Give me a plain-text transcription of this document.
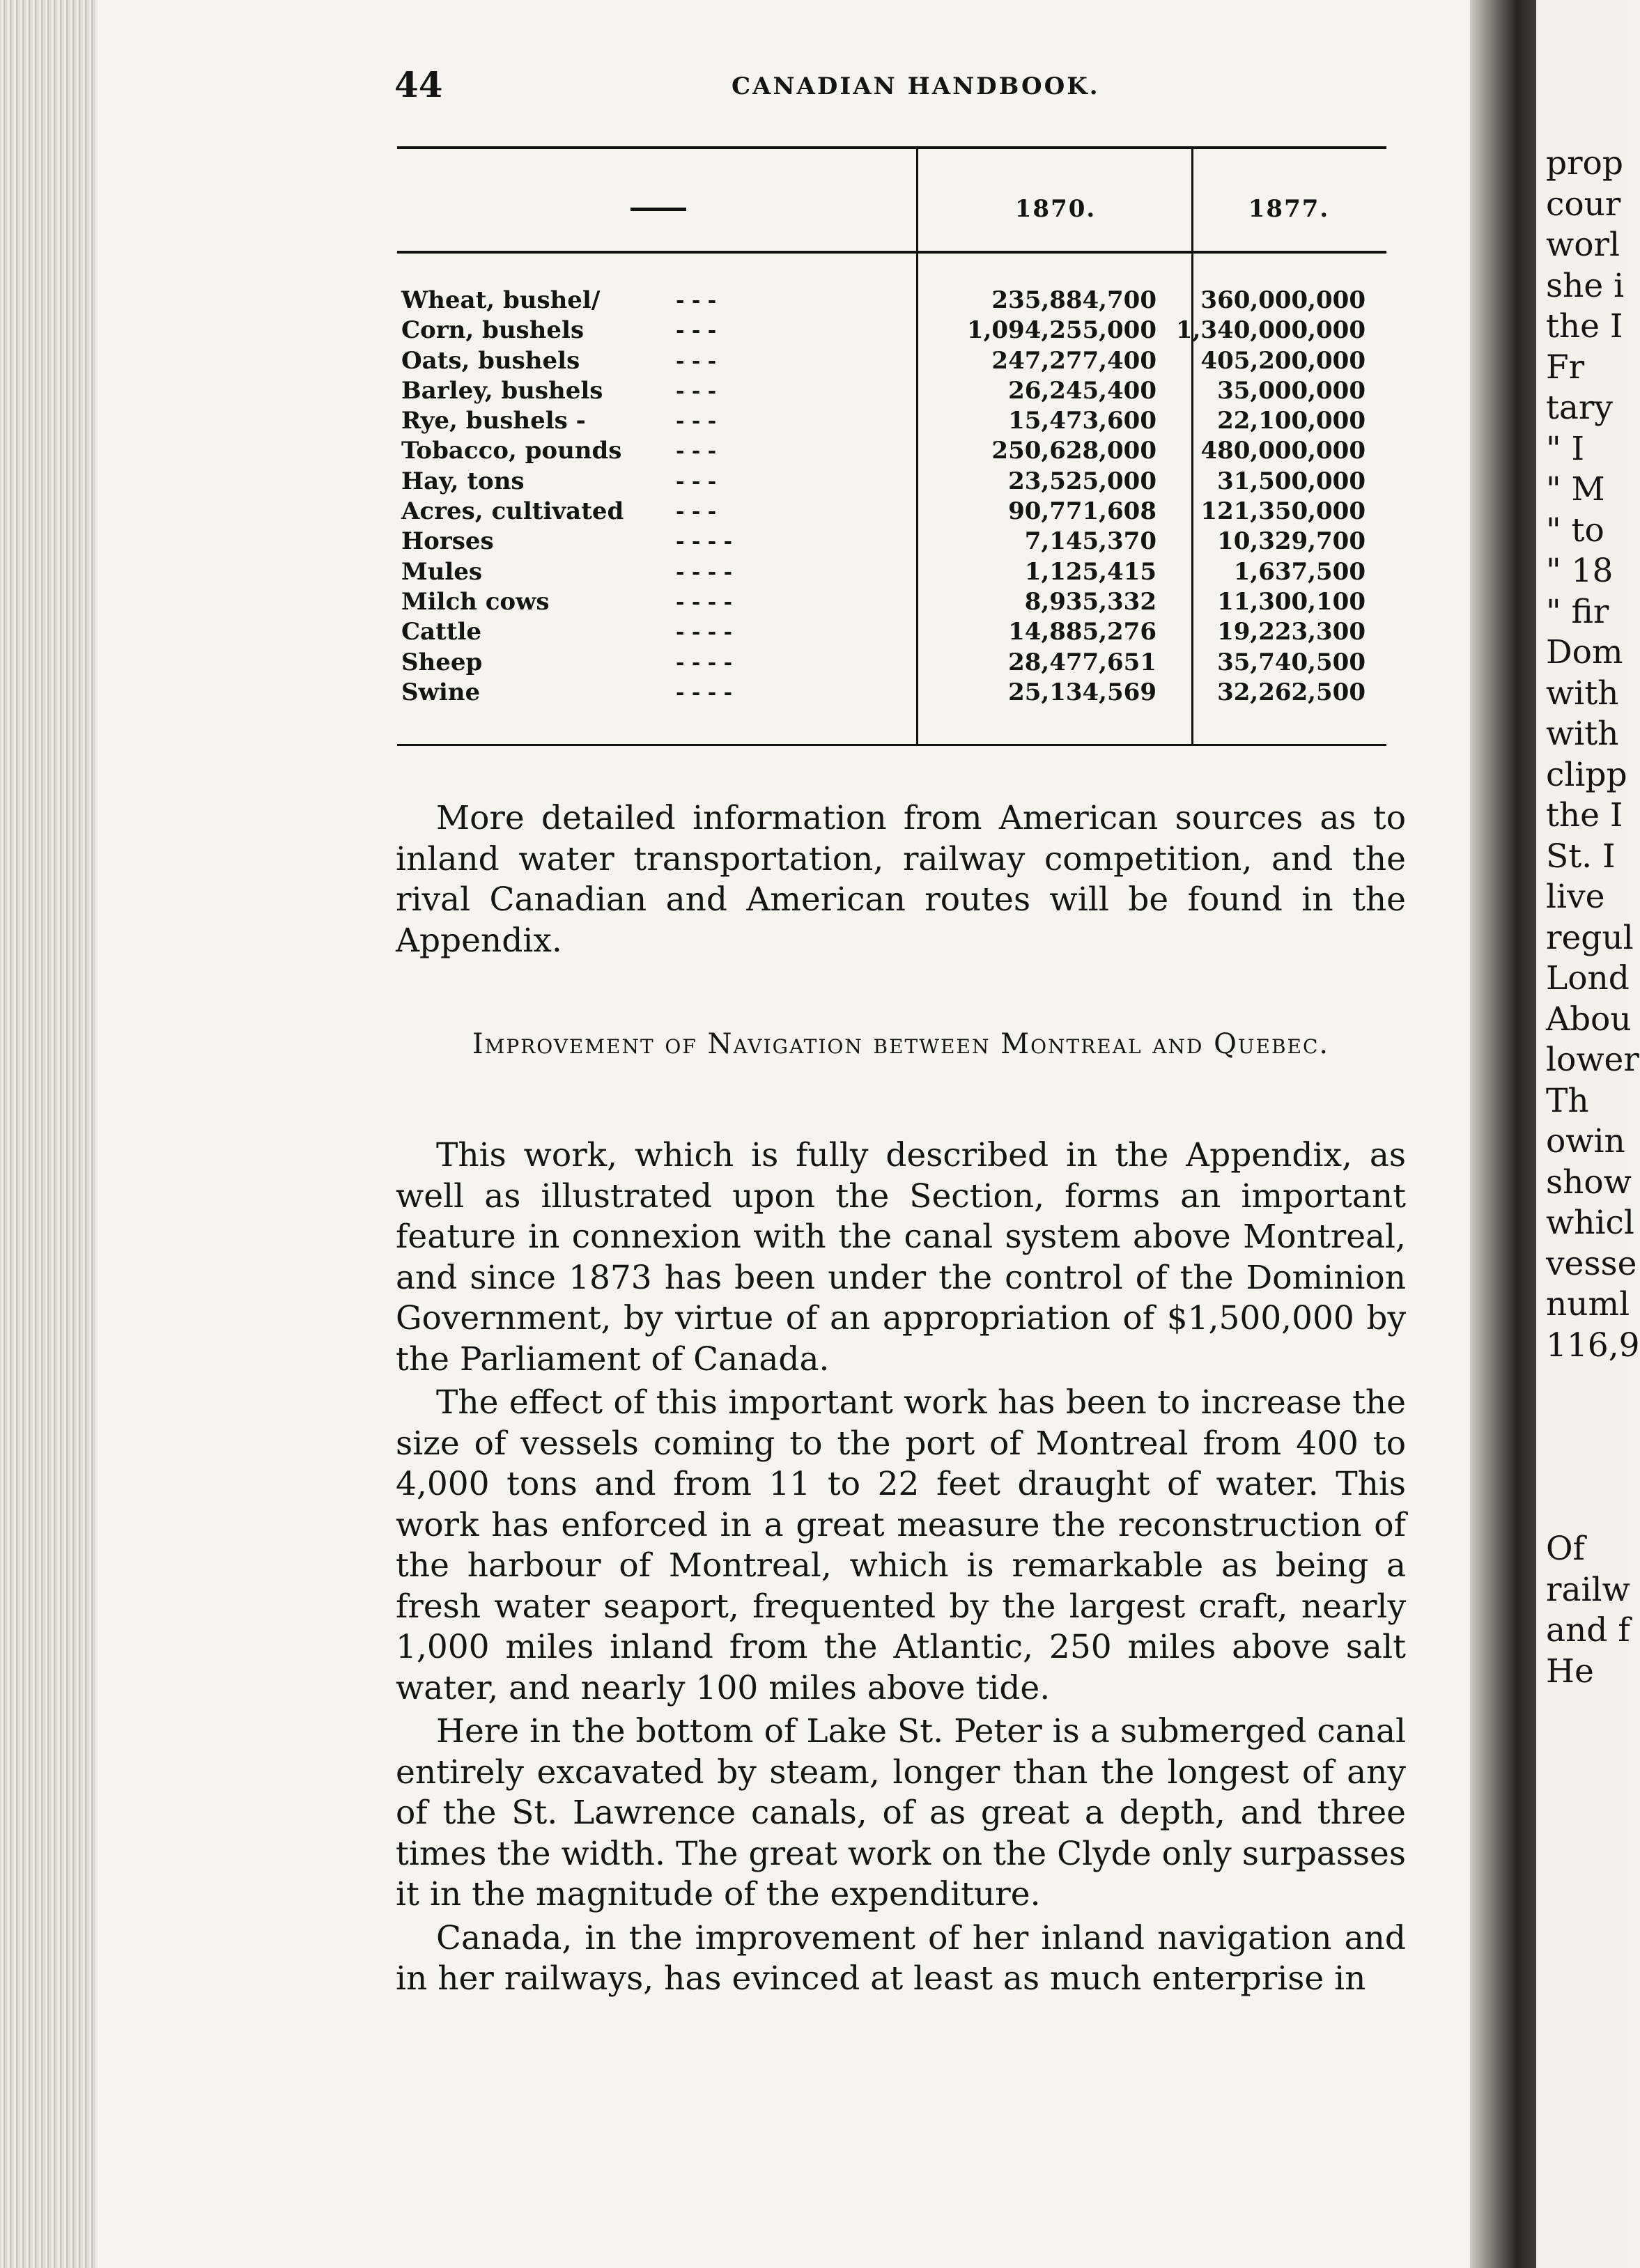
44	CANADIAN HANDBOOK.
1870.	1877.
Wheat, bushel/	- - -	235,884,700	360,000,000
Corn, bushels	- - -	1,094,255,000 1,340,000,000
Oats, bushels	- - -	247,277,400	405,200,000
Barley, bushels	- - -	26,245,400	35,000,000
Rye, bushels -	- - -	15,473,600	22,100,000
Tobacco, pounds	- - -	250,628,000	480,000,000
Hay, tons	- - -	23,525,000	31,500,000
Acres, cultivated - - -	90,771,608	121,350,000
Horses	- - - -	7,145,370	10,329,700
Mules	- - - -	1,125,415	1,637,500
Milch cows	- - - -	8,935,332	11,300,100
Cattle	- - - -	14,885,276	19,223,300
Sheep	- - - -	28,477,651	35,740,500
Swine	- - - -	25,134,569	32,262,500

More detailed information from American sources as to inland water transportation, railway competition, and the rival Canadian and American routes will be found in the Appendix.

Improvement of Navigation between Montreal and Quebec.

This work, which is fully described in the Appendix, as well as illustrated upon the Section, forms an important feature in connexion with the canal system above Montreal, and since 1873 has been under the control of the Dominion Government, by virtue of an appropriation of $1,500,000 by the Parliament of Canada.

The effect of this important work has been to increase the size of vessels coming to the port of Montreal from 400 to 4,000 tons and from 11 to 22 feet draught of water. This work has enforced in a great measure the reconstruction of the harbour of Montreal, which is remarkable as being a fresh water seaport, frequented by the largest craft, nearly 1,000 miles inland from the Atlantic, 250 miles above salt water, and nearly 100 miles above tide.

Here in the bottom of Lake St. Peter is a submerged canal entirely excavated by steam, longer than the longest of any of the St. Lawrence canals, of as great a depth, and three times the width. The great work on the Clyde only surpasses it in the magnitude of the expenditure.

Canada, in the improvement of her inland navigation and in her railways, has evinced at least as much enterprise in

prop
cour
worl
she i
the I
Fr
tary
" I
" M
" to
" 18
" fir
Dom
with
with
clipp
the I
St. I
live
regul
Lond
Abou
lower
Th
owin
show
whicl
vesse
numl
116,9

Of
railw
and f
He
